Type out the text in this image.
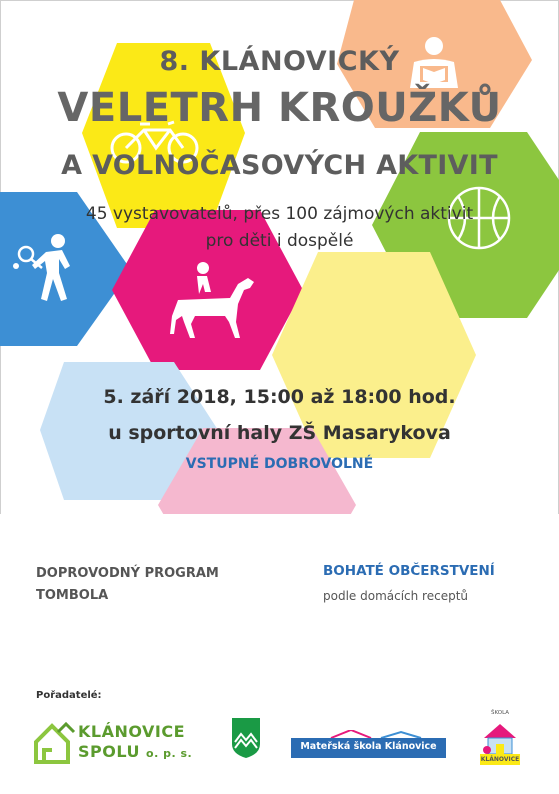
8. KLÁNOVICKÝ

VELETRH KROUŽKŮ

A VOLNOČASOVÝCH AKTIVIT

45 vystavovatelů, přes 100 zájmových aktivit

pro děti i dospělé

5. září 2018, 15:00 až 18:00 hod.

u sportovní haly ZŠ Masarykova

VSTUPNÉ DOBROVOLNÉ

DOPROVODNÝ PROGRAM
TOMBOLA
BOHATÉ OBČERSTVENÍ
podle domácích receptů
Pořadatelé:
KLÁNOVICE
SPOLU o. p. s.
Mateřská škola Klánovice
ŠKOLA
KLÁNOVICE
